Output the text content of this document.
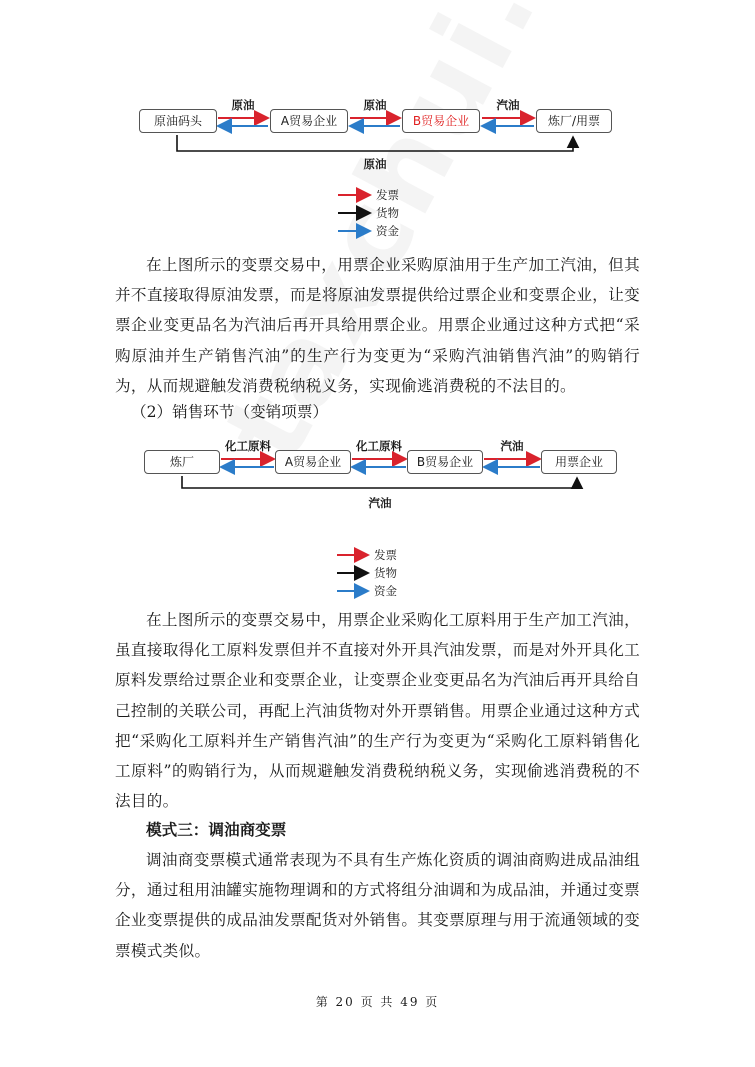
原油码头	A贸易企业	B贸易企业	炼厂/用票
原油	原油	汽油
原油
发票
货物
资金

在上图所示的变票交易中，用票企业采购原油用于生产加工汽油，但其并不直接取得原油发票，而是将原油发票提供给过票企业和变票企业，让变票企业变更品名为汽油后再开具给用票企业。用票企业通过这种方式把“采购原油并生产销售汽油”的生产行为变更为“采购汽油销售汽油”的购销行为，从而规避触发消费税纳税义务，实现偷逃消费税的不法目的。

（2）销售环节（变销项票）
炼厂	A贸易企业	B贸易企业	用票企业
化工原料	化工原料	汽油
汽油
发票
货物
资金

在上图所示的变票交易中，用票企业采购化工原料用于生产加工汽油，虽直接取得化工原料发票但并不直接对外开具汽油发票，而是对外开具化工原料发票给过票企业和变票企业，让变票企业变更品名为汽油后再开具给自己控制的关联公司，再配上汽油货物对外开票销售。用票企业通过这种方式把“采购化工原料并生产销售汽油”的生产行为变更为“采购化工原料销售化工原料”的购销行为，从而规避触发消费税纳税义务，实现偷逃消费税的不法目的。

模式三：调油商变票

调油商变票模式通常表现为不具有生产炼化资质的调油商购进成品油组分，通过租用油罐实施物理调和的方式将组分油调和为成品油，并通过变票企业变票提供的成品油发票配货对外销售。其变票原理与用于流通领域的变票模式类似。

第 20 页 共 49 页
